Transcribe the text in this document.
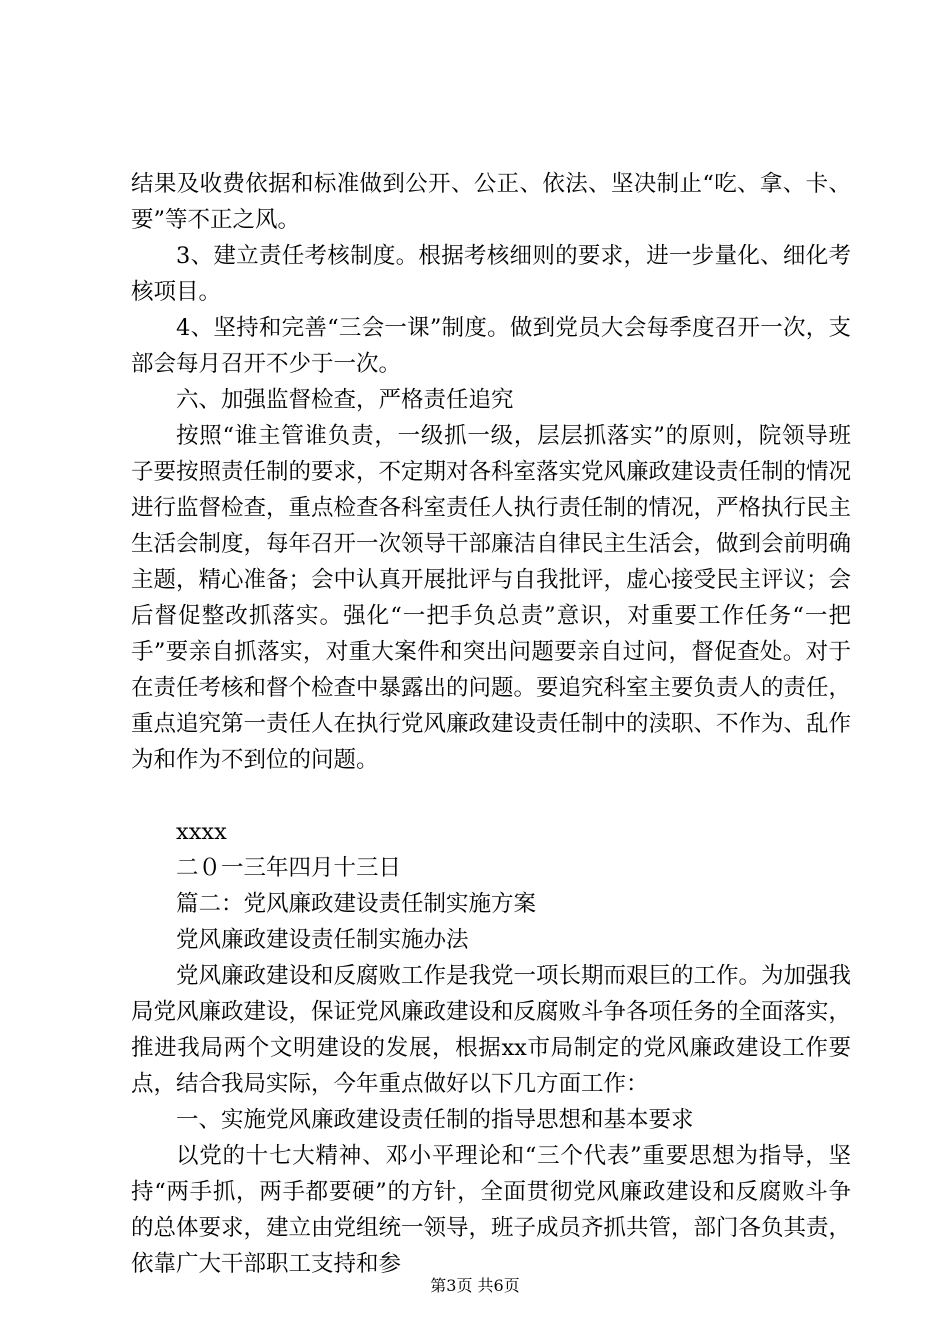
结果及收费依据和标准做到公开、公正、依法、坚决制止“吃、拿、卡、要”等不正之风。

3、建立责任考核制度。根据考核细则的要求，进一步量化、细化考核项目。

4、坚持和完善“三会一课”制度。做到党员大会每季度召开一次，支部会每月召开不少于一次。

六、加强监督检查，严格责任追究

按照“谁主管谁负责，一级抓一级，层层抓落实”的原则，院领导班子要按照责任制的要求，不定期对各科室落实党风廉政建设责任制的情况进行监督检查，重点检查各科室责任人执行责任制的情况，严格执行民主生活会制度，每年召开一次领导干部廉洁自律民主生活会，做到会前明确主题，精心准备；会中认真开展批评与自我批评，虚心接受民主评议；会后督促整改抓落实。强化“一把手负总责”意识，对重要工作任务“一把手”要亲自抓落实，对重大案件和突出问题要亲自过问，督促查处。对于在责任考核和督个检查中暴露出的问题。要追究科室主要负责人的责任，重点追究第一责任人在执行党风廉政建设责任制中的渎职、不作为、乱作为和作为不到位的问题。

xxxx

二０一三年四月十三日

篇二：党风廉政建设责任制实施方案

党风廉政建设责任制实施办法

党风廉政建设和反腐败工作是我党一项长期而艰巨的工作。为加强我局党风廉政建设，保证党风廉政建设和反腐败斗争各项任务的全面落实，推进我局两个文明建设的发展，根据xx市局制定的党风廉政建设工作要点，结合我局实际，今年重点做好以下几方面工作：

一、实施党风廉政建设责任制的指导思想和基本要求

以党的十七大精神、邓小平理论和“三个代表”重要思想为指导，坚持“两手抓，两手都要硬”的方针，全面贯彻党风廉政建设和反腐败斗争的总体要求，建立由党组统一领导，班子成员齐抓共管，部门各负其责，依靠广大干部职工支持和参

第3页 共6页
